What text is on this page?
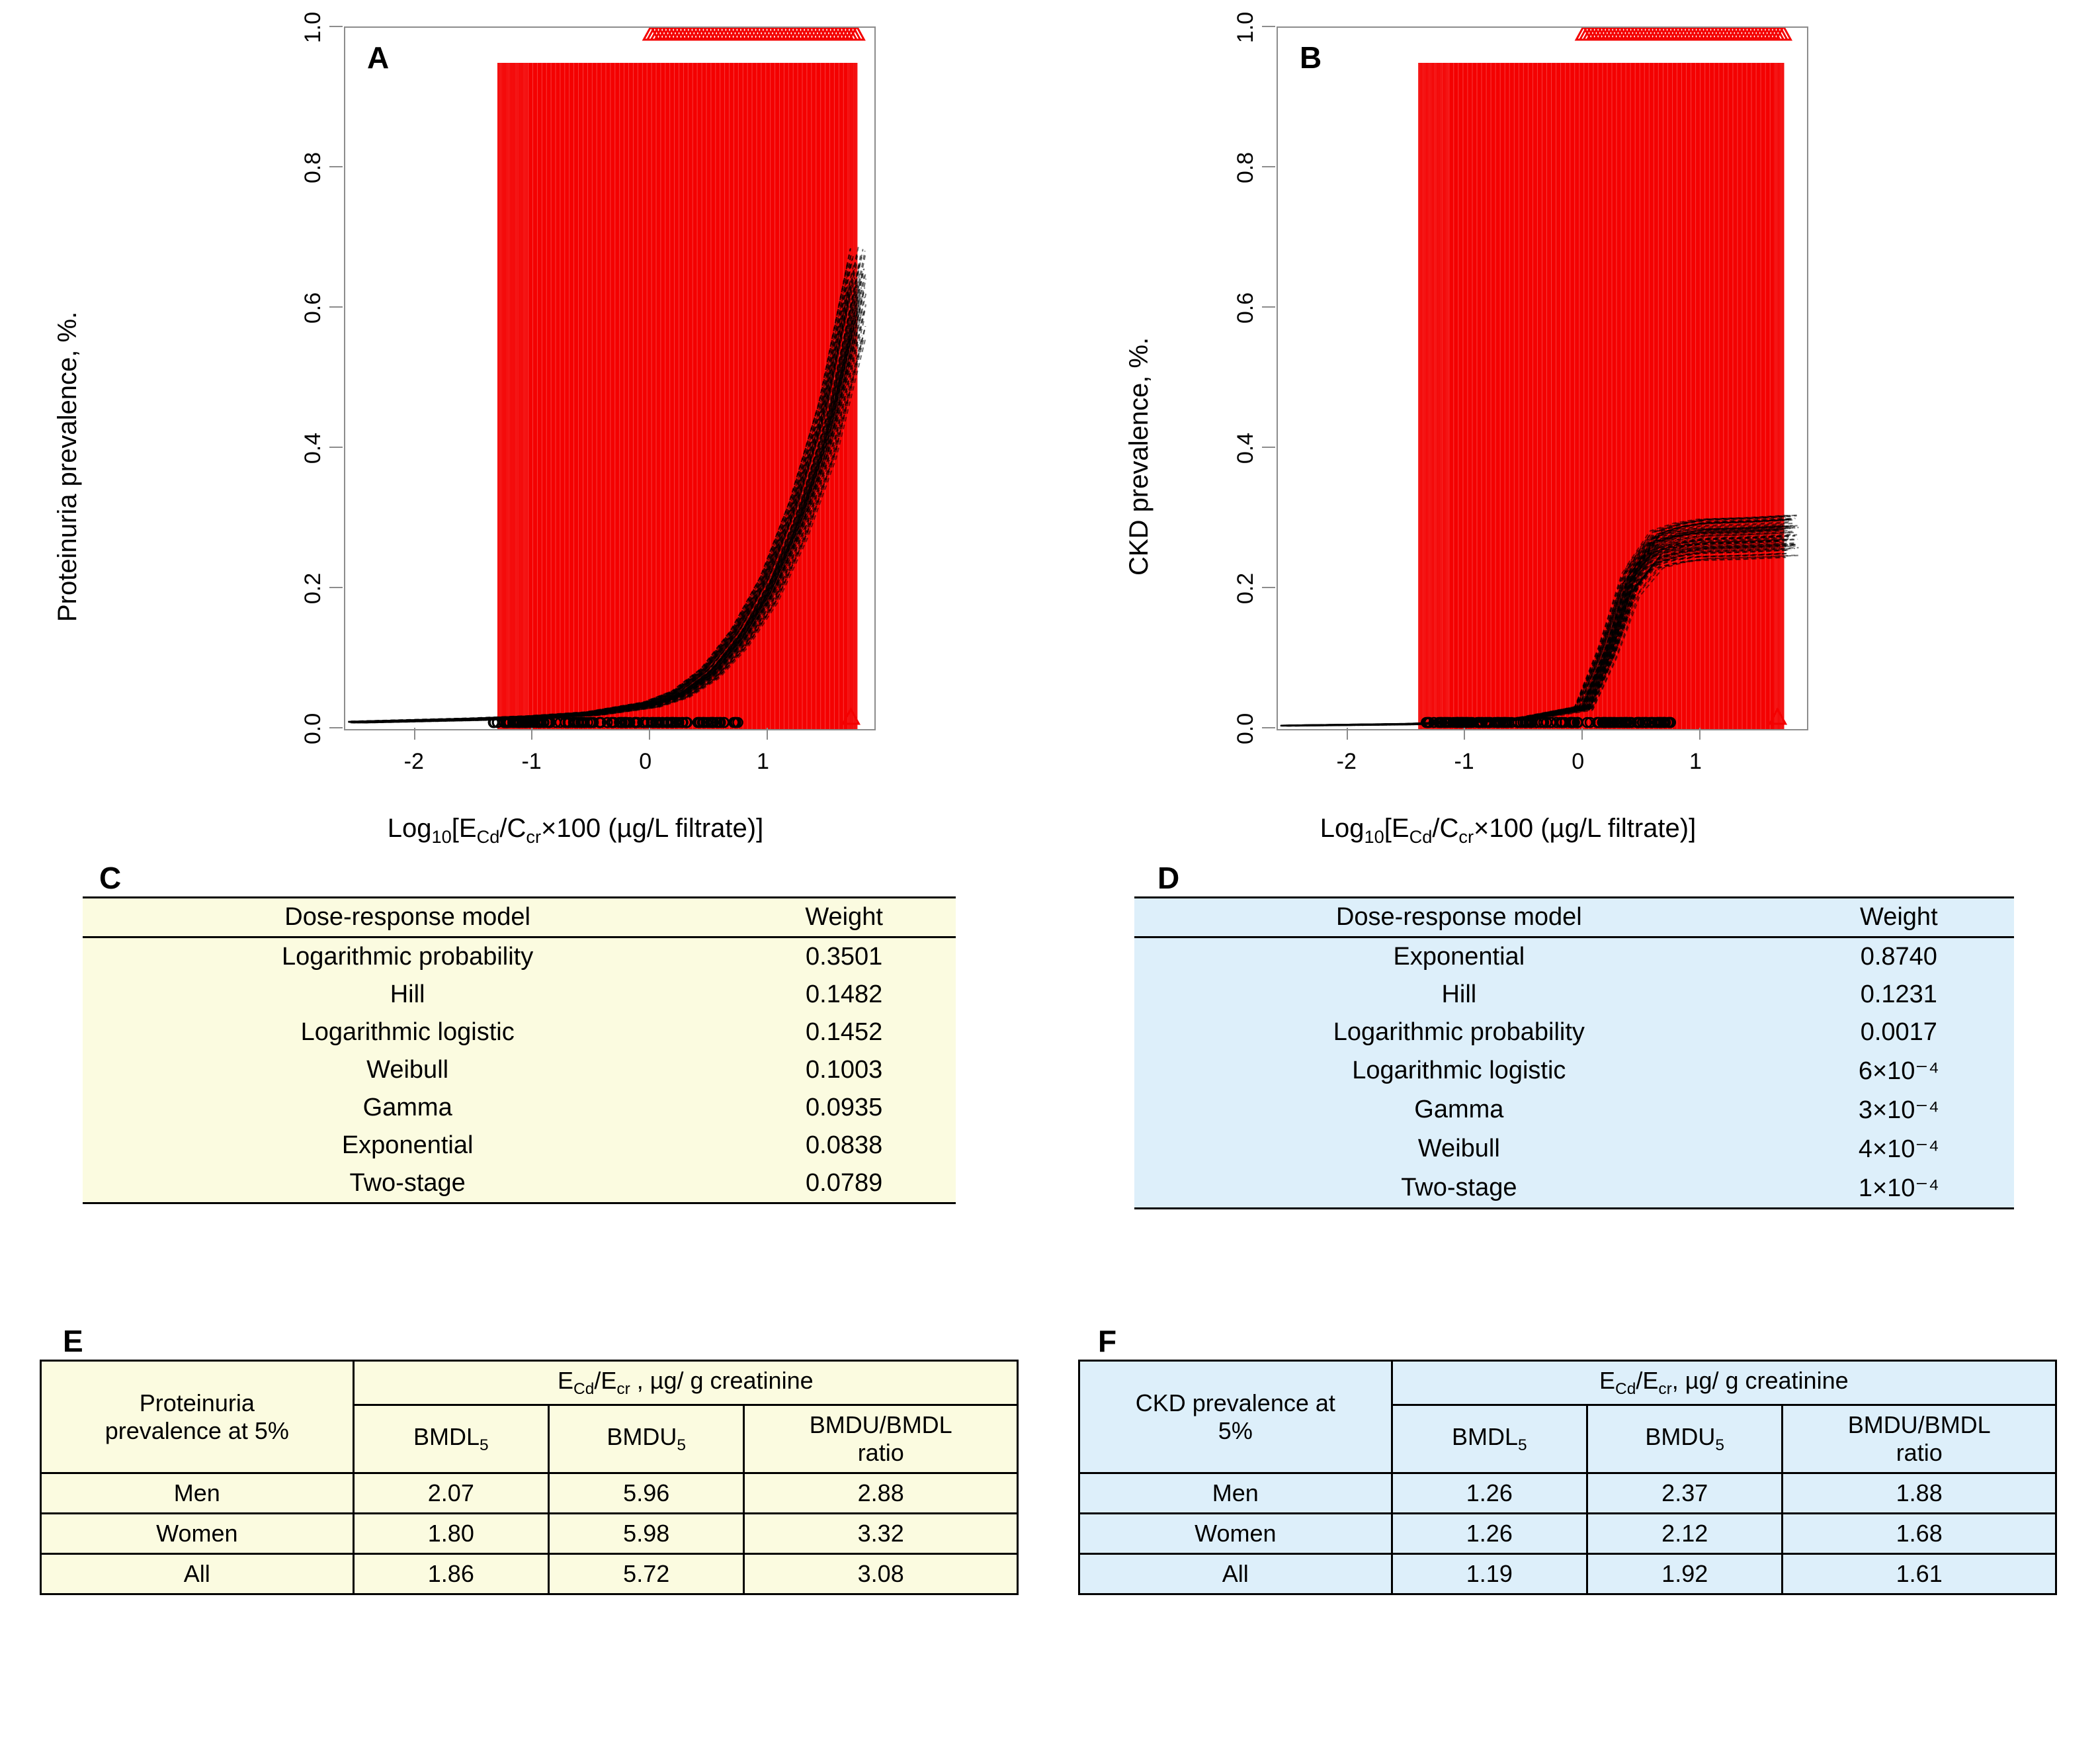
A
Proteinuria prevalence, %.
B
CKD prevalence, %.
$Log_{10}[E_{Cd}/C_{cr}\times 100$ (µg/L filtrate)]	$Log_{10}[E_{Cd}/C_{cr}\times 100$ (µg/L filtrate)]
C
Dose-response model	Weight
Logarithmic probability	0.3501
Hill	0.1482
Logarithmic logistic	0.1452
Weibull	0.1003
Gamma	0.0935
Exponential	0.0838
Two-stage	0.0789
D
Dose-response model	Weight
Exponential	0.8740
Hill	0.1231
Logarithmic probability	0.0017
Logarithmic logistic	6×10⁻⁴
Gamma	3×10⁻⁴
Weibull	4×10⁻⁴
Two-stage	1×10⁻⁴
E
Proteinuria
prevalence at 5%	$E_{Cd}/E_{cr}$ , µg/ g creatinine		
	$BMDL_5$	$BMDU_5$	BMDU/BMDL
ratio
Men	2.07	5.96	2.88
Women	1.80	5.98	3.32
All	1.86	5.72	3.08
F
CKD prevalence at
5%	$E_{Cd}/E_{cr}$, µg/ g creatinine		
	$BMDL_5$	$BMDU_5$	BMDU/BMDL
ratio
Men	1.26	2.37	1.88
Women	1.26	2.12	1.68
All	1.19	1.92	1.61
0.0
0.2
0.4
0.6
0.8
1.0
-2	-1	0	1
0.0
0.2
0.4
0.6
0.8
1.0
-2	-1	0	1
